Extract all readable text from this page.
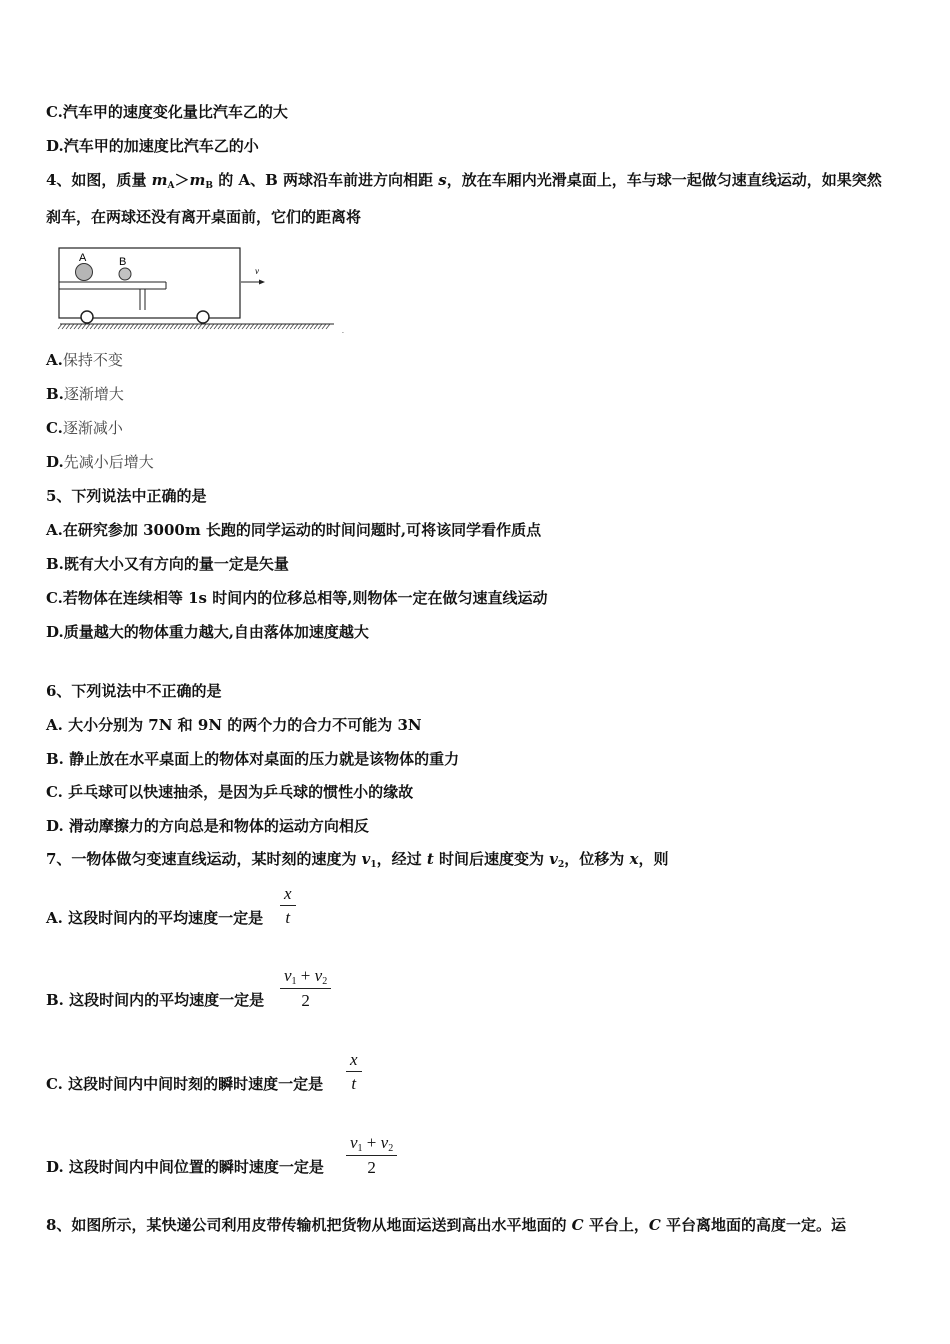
C.汽车甲的速度变化量比汽车乙的大
D.汽车甲的加速度比汽车乙的小
4、如图，质量 $m_A>m_B$ 的 A、B 两球沿车前进方向相距 s，放在车厢内光滑桌面上，车与球一起做匀速直线运动，如果突然
刹车，在两球还没有离开桌面前，它们的距离将
A	B
v
.
A.保持不变
B.逐渐增大
C.逐渐减小
D.先减小后增大
5、下列说法中正确的是
A.在研究参加 3000m 长跑的同学运动的时间问题时,可将该同学看作质点
B.既有大小又有方向的量一定是矢量
C.若物体在连续相等 1s 时间内的位移总相等,则物体一定在做匀速直线运动
D.质量越大的物体重力越大,自由落体加速度越大
6、下列说法中不正确的是
A. 大小分别为 7N 和 9N 的两个力的合力不可能为 3N
B. 静止放在水平桌面上的物体对桌面的压力就是该物体的重力
C. 乒乓球可以快速抽杀，是因为乒乓球的惯性小的缘故
D. 滑动摩擦力的方向总是和物体的运动方向相反
7、一物体做匀变速直线运动，某时刻的速度为 $v_1$，经过 t 时间后速度变为 $v_2$，位移为 x，则
A. 这段时间内的平均速度一定是 $\frac{x}{t}$
B. 这段时间内的平均速度一定是 $\frac{v_1 + v_2}{2}$
C. 这段时间内中间时刻的瞬时速度一定是 $\frac{x}{t}$
D. 这段时间内中间位置的瞬时速度一定是 $\frac{v_1 + v_2}{2}$
8、如图所示，某快递公司利用皮带传输机把货物从地面运送到高出水平地面的 C 平台上，C 平台离地面的高度一定。运
